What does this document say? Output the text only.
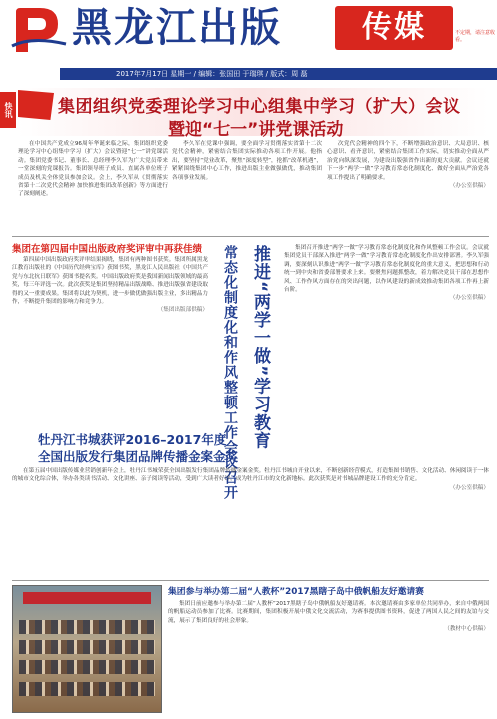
黑龙江出版	传媒	不定期，请注意收看。
2017年7月17日 星期一 / 编辑：张国田 于瑞琪 / 版式：周 磊
快讯	集团组织党委理论学习中心组集中学习（扩大）会议
暨迎“七一”讲党课活动

在中国共产党成立96周年华诞来临之际，集团组织党委理论学习中心组集中学习（扩大）会议暨迎“七一”讲党课活动。集团党委书记、董事长、总经理李久军为广大党员带来一堂深刻的党课报告。集团领导班子成员、直属各单位班子成员及机关全体党员参加会议。会上，李久军从《贯彻落实省第十二次党代会精神 加快推进集团改革创新》等方面进行了深刻阐述。

李久军在党课中强调，要全面学习贯彻落实省第十二次党代会精神，紧密结合集团实际推动各项工作开展。他指出，要坚持“党业改革，聚焦“深度转型”，抢抓“改革机遇”，紧紧围绕集团中心工作，推进出版主业做强做优，推动集团各项事业发展。

次党代会精神的四个下，不断增强政治意识、大局意识、核心意识、看齐意识，紧密结合集团工作实际，切实推动全面从严治党向纵深发展，为建设出版强省作出新的更大贡献。会议还就下一步“两学一做”学习教育常态化制度化、做好全面从严治党各项工作提出了明确要求。

（办公室供稿）
集团在第四届中国出版政府奖评审中再获佳绩

第四届中国出版政府奖评审结果揭晓，集团有两种图书获奖。集团所属黑龙江教育出版社的《中国历代经典宝库》获图书奖，黑龙江人民出版社《中国共产党与东北抗日联军》获图书提名奖。中国出版政府奖是我国新闻出版领域的最高奖，每三年评选一次。此次获奖是集团坚持精品出版战略、推进出版强省建设取得的又一重要成果。集团将以此为契机，进一步做优做强出版主业，多出精品力作，不断提升集团的影响力和竞争力。

（集团出版部供稿） 推进“两学一做”学习教育
常态化制度化和作风整顿工作会议召开	集团召开推进“两学一做”学习教育常态化制度化和作风整顿工作会议。会议就集团党员干部深入推进“两学一做”学习教育常态化制度化作出安排部署。李久军强调，要深刻认识推进“两学一做”学习教育常态化制度化的重大意义，把思想和行动统一到中央和省委部署要求上来。要聚焦问题抓整改，着力解决党员干部在思想作风、工作作风方面存在的突出问题，以作风建设的新成效推动集团各项工作再上新台阶。

（办公室供稿）
牡丹江书城获评2016–2017年度
全国出版发行集团品牌传播金案金奖

在第五届中国出版传媒业营销创新年会上，牡丹江书城荣获全国出版发行集团品牌传播金案金奖。牡丹江书城自开业以来，不断创新经营模式，打造集图书销售、文化活动、休闲阅读于一体的城市文化综合体，举办各类读书活动、文化讲座、亲子阅读等活动，受到广大读者好评，成为牡丹江市的文化新地标。此次获奖是对书城品牌建设工作的充分肯定。

（办公室供稿）
集团参与举办第二届“人教杯”2017黑瞎子岛中俄帆船友好邀请赛

集团日前应邀参与举办第二届“人教杯”2017黑瞎子岛中俄帆船友好邀请赛。本次邀请赛由多家单位共同举办，来自中俄两国的帆船运动员参加了比赛。比赛期间，集团积极开展中俄文化交流活动，为赛事提供图书资料，促进了两国人民之间的友谊与交流，展示了集团良好的社会形象。

（教材中心供稿）
